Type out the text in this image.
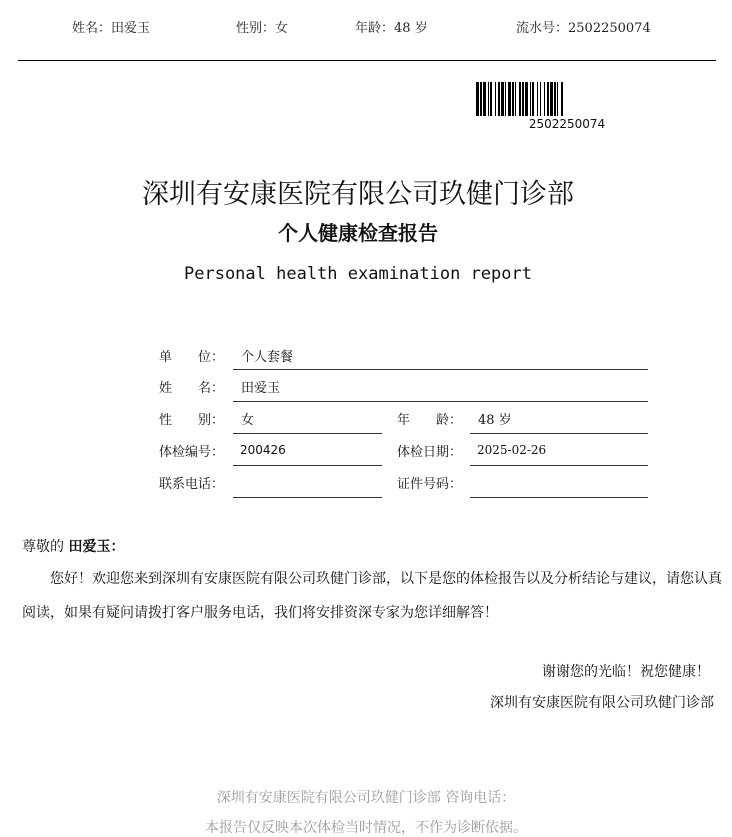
姓名：田爱玉	性别：女	年龄：48 岁	流水号：2502250074
2502250074
深圳有安康医院有限公司玖健门诊部
个人健康检查报告
Personal health examination report
单　　位： 个人套餐
姓　　名： 田爱玉
性　　别： 女	年　　龄： 48 岁
体检编号： 200426	体检日期： 2025-02-26
联系电话：	证件号码：
尊敬的 田爱玉：

您好！欢迎您来到深圳有安康医院有限公司玖健门诊部，以下是您的体检报告以及分析结论与建议，请您认真阅读，如果有疑问请拨打客户服务电话，我们将安排资深专家为您详细解答！

谢谢您的光临！祝您健康！
深圳有安康医院有限公司玖健门诊部
深圳有安康医院有限公司玖健门诊部 咨询电话：
本报告仅反映本次体检当时情况，不作为诊断依据。
